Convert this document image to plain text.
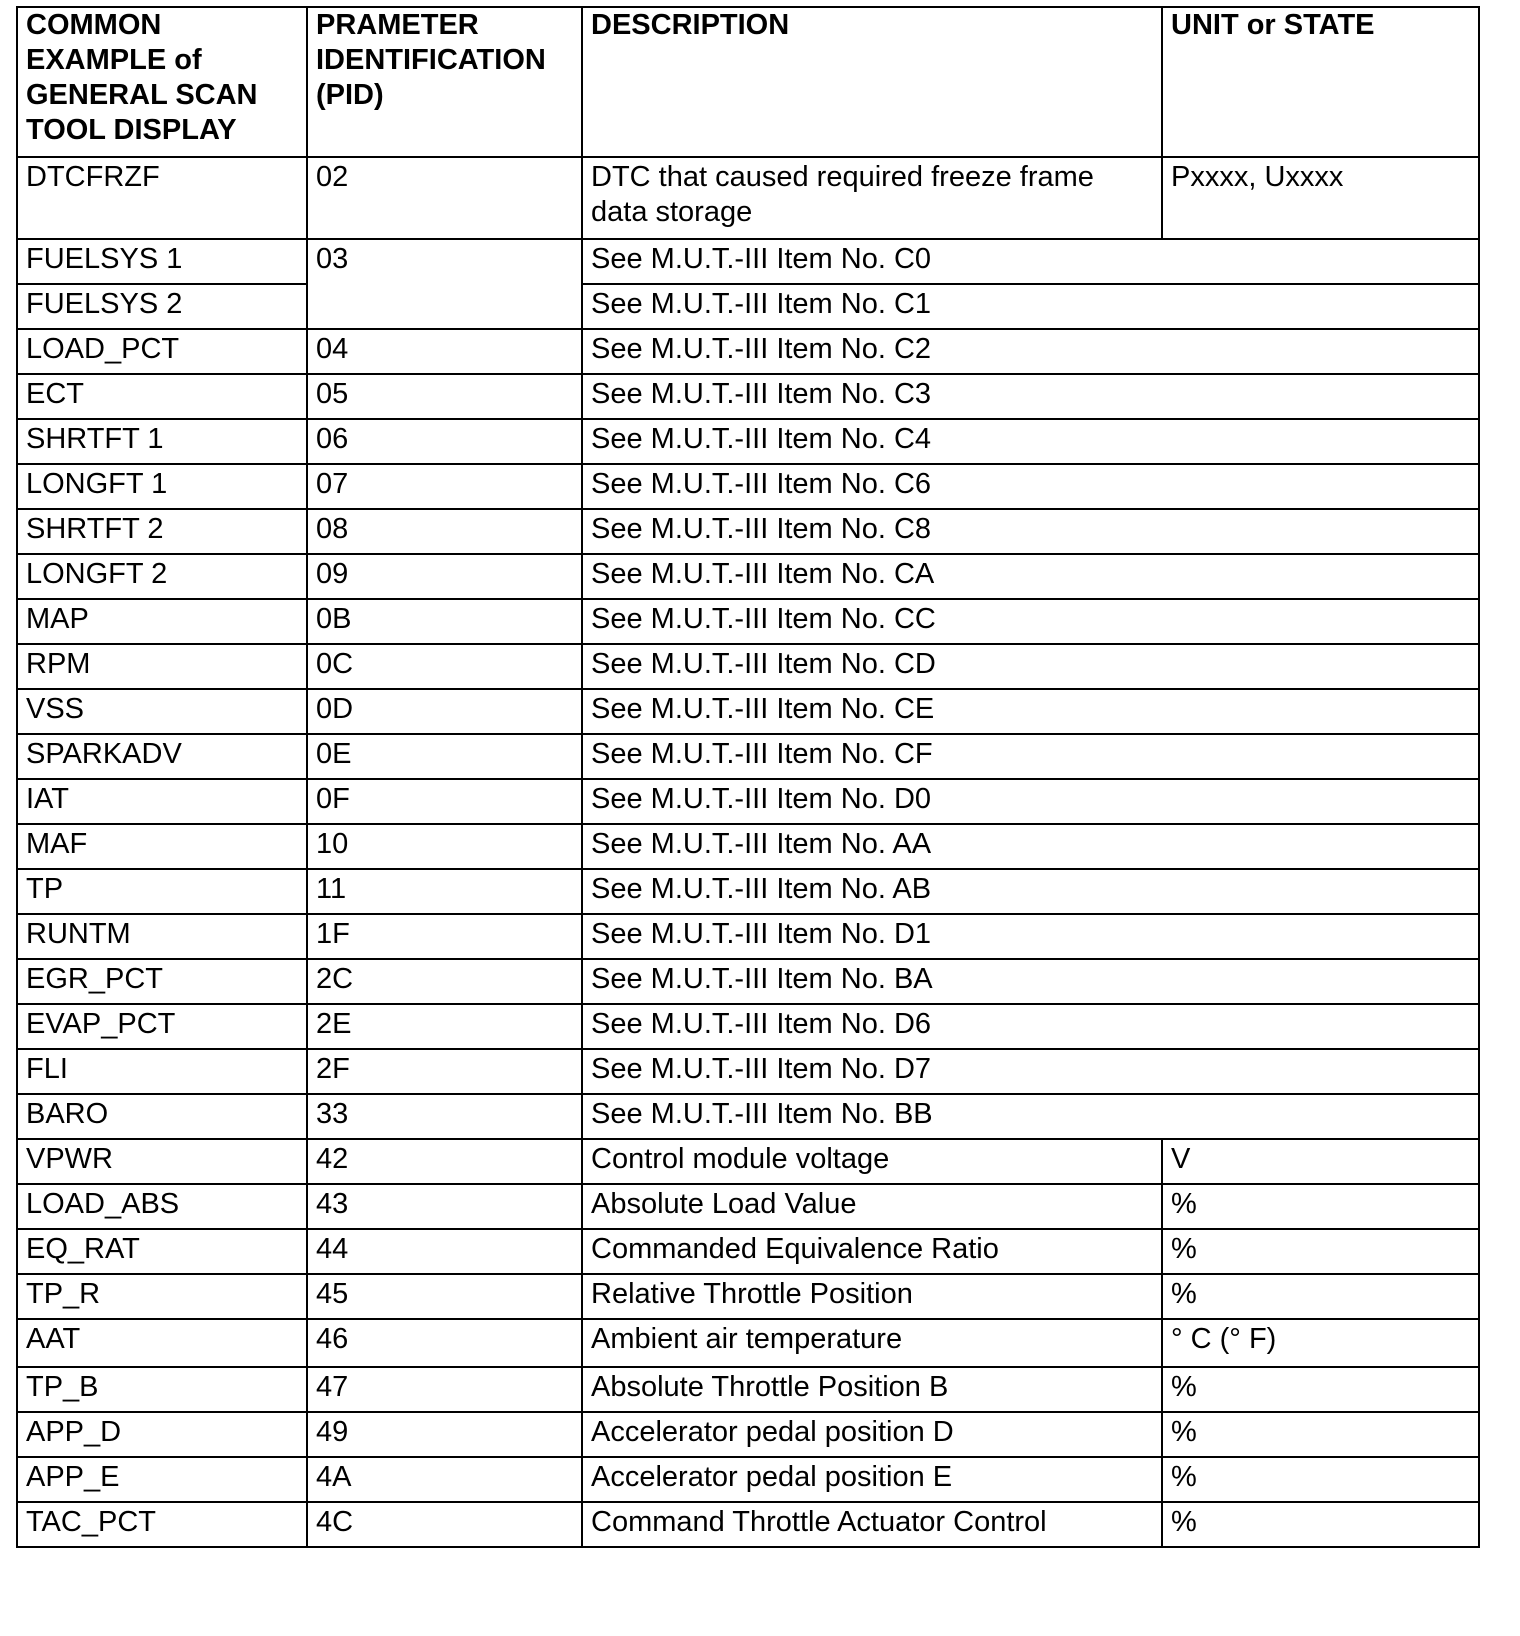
COMMON EXAMPLE of GENERAL SCAN TOOL DISPLAY	PRAMETER IDENTIFICATION (PID)	DESCRIPTION	UNIT or STATE
DTCFRZF	02	DTC that caused required freeze frame data storage	Pxxxx, Uxxxx
FUELSYS 1	03	See M.U.T.-III Item No. C0	
FUELSYS 2		See M.U.T.-III Item No. C1	
LOAD_PCT	04	See M.U.T.-III Item No. C2	
ECT	05	See M.U.T.-III Item No. C3	
SHRTFT 1	06	See M.U.T.-III Item No. C4	
LONGFT 1	07	See M.U.T.-III Item No. C6	
SHRTFT 2	08	See M.U.T.-III Item No. C8	
LONGFT 2	09	See M.U.T.-III Item No. CA	
MAP	0B	See M.U.T.-III Item No. CC	
RPM	0C	See M.U.T.-III Item No. CD	
VSS	0D	See M.U.T.-III Item No. CE	
SPARKADV	0E	See M.U.T.-III Item No. CF	
IAT	0F	See M.U.T.-III Item No. D0	
MAF	10	See M.U.T.-III Item No. AA	
TP	11	See M.U.T.-III Item No. AB	
RUNTM	1F	See M.U.T.-III Item No. D1	
EGR_PCT	2C	See M.U.T.-III Item No. BA	
EVAP_PCT	2E	See M.U.T.-III Item No. D6	
FLI	2F	See M.U.T.-III Item No. D7	
BARO	33	See M.U.T.-III Item No. BB	
VPWR	42	Control module voltage	V
LOAD_ABS	43	Absolute Load Value	%
EQ_RAT	44	Commanded Equivalence Ratio	%
TP_R	45	Relative Throttle Position	%
AAT	46	Ambient air temperature	° C (° F)
TP_B	47	Absolute Throttle Position B	%
APP_D	49	Accelerator pedal position D	%
APP_E	4A	Accelerator pedal position E	%
TAC_PCT	4C	Command Throttle Actuator Control	%
